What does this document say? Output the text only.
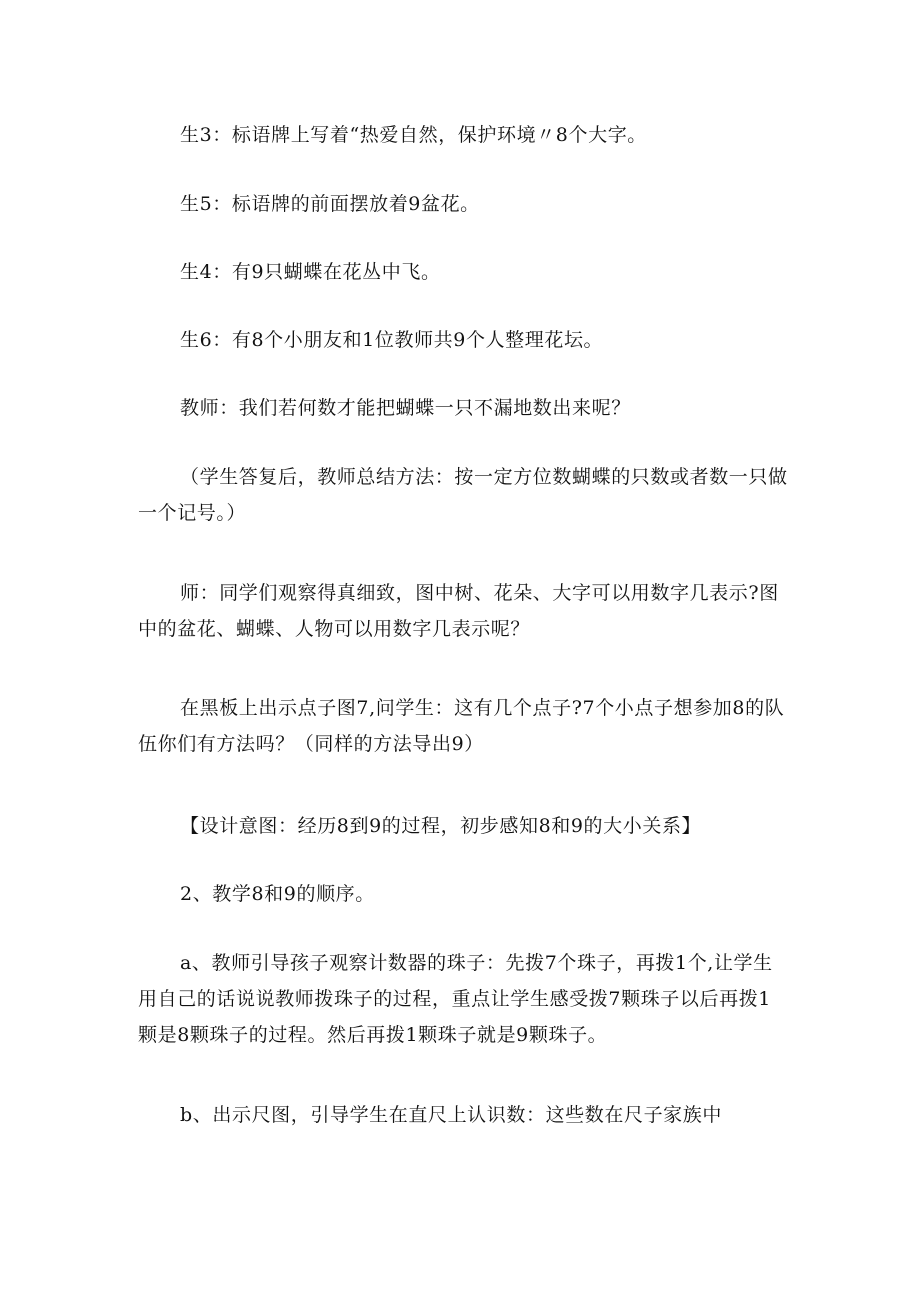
生3：标语牌上写着“热爱自然，保护环境〃8个大字。
生5：标语牌的前面摆放着9盆花。
生4：有9只蝴蝶在花丛中飞。
生6：有8个小朋友和1位教师共9个人整理花坛。
教师：我们若何数才能把蝴蝶一只不漏地数出来呢？
（学生答复后，教师总结方法：按一定方位数蝴蝶的只数或者数一只做一个记号。）
师：同学们观察得真细致，图中树、花朵、大字可以用数字几表示?图中的盆花、蝴蝶、人物可以用数字几表示呢？
在黑板上出示点子图7,问学生：这有几个点子?7个小点子想参加8的队伍你们有方法吗？（同样的方法导出9）
【设计意图：经历8到9的过程，初步感知8和9的大小关系】
2、教学8和9的顺序。
a、教师引导孩子观察计数器的珠子：先拨7个珠子，再拨1个,让学生用自己的话说说教师拨珠子的过程，重点让学生感受拨7颗珠子以后再拨1颗是8颗珠子的过程。然后再拨1颗珠子就是9颗珠子。
b、出示尺图，引导学生在直尺上认识数：这些数在尺子家族中
